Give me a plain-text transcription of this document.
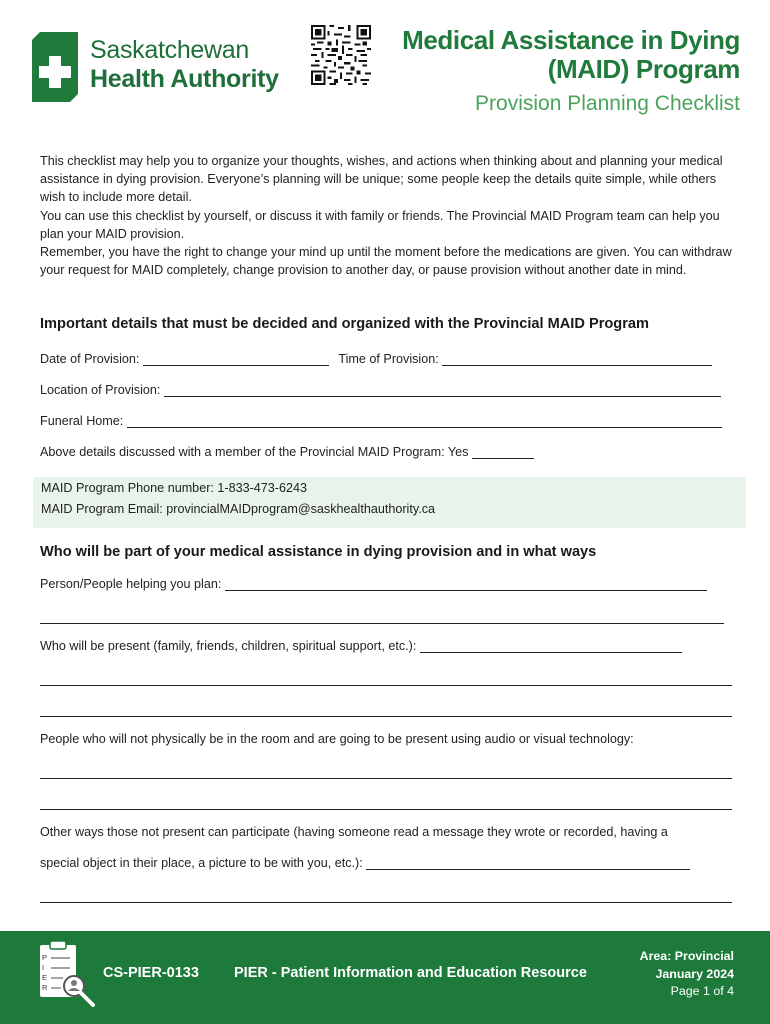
Saskatchewan
Health Authority
Medical Assistance in Dying
(MAID) Program
Provision Planning Checklist

This checklist may help you to organize your thoughts, wishes, and actions when thinking about and planning your medical assistance in dying provision. Everyone’s planning will be unique; some people keep the details quite simple, while others wish to include more detail.

You can use this checklist by yourself, or discuss it with family or friends. The Provincial MAID Program team can help you plan your MAID provision.

Remember, you have the right to change your mind up until the moment before the medications are given. You can withdraw your request for MAID completely, change provision to another day, or pause provision without another date in mind.

Important details that must be decided and organized with the Provincial MAID Program
Date of Provision:	Time of Provision:
Location of Provision:
Funeral Home:
Above details discussed with a member of the Provincial MAID Program: Yes
MAID Program Phone number: 1-833-473-6243
MAID Program Email: provincialMAIDprogram@saskhealthauthority.ca
Who will be part of your medical assistance in dying provision and in what ways
Person/People helping you plan:
Who will be present (family, friends, children, spiritual support, etc.):
People who will not physically be in the room and are going to be present using audio or visual technology:
Other ways those not present can participate (having someone read a message they wrote or recorded, having a
special object in their place, a picture to be with you, etc.):
P
I
E
R
CS-PIER-0133 PIER - Patient Information and Education Resource
Area: Provincial
January 2024
Page 1 of 4
